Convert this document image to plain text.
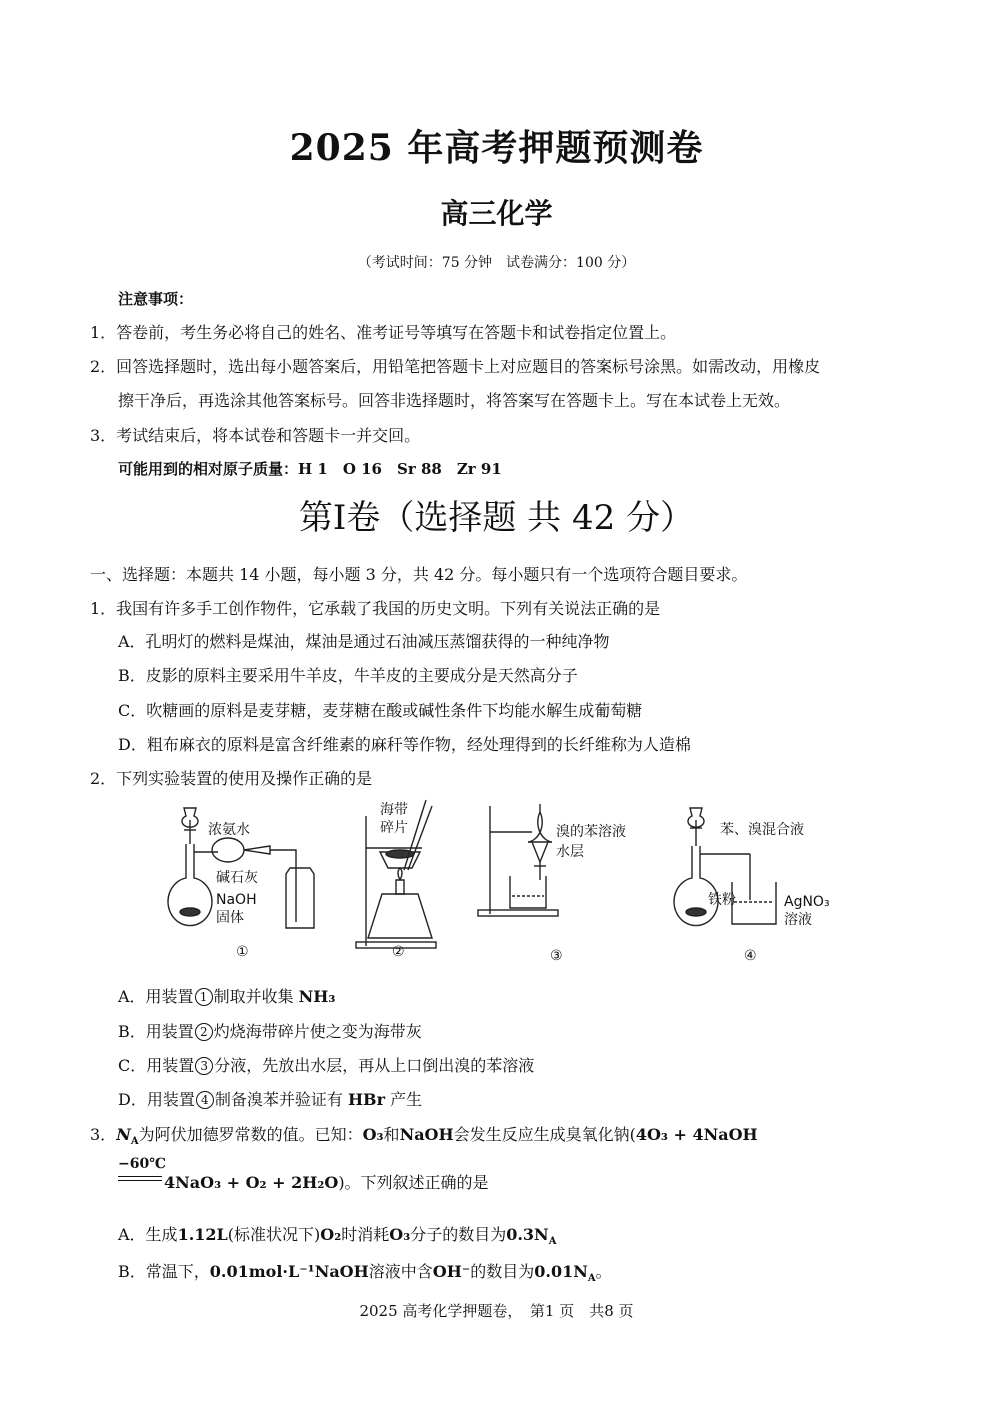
2025 年高考押题预测卷
高三化学
（考试时间：75 分钟　试卷满分：100 分）
注意事项：
1．答卷前，考生务必将自己的姓名、准考证号等填写在答题卡和试卷指定位置上。
2．回答选择题时，选出每小题答案后，用铅笔把答题卡上对应题目的答案标号涂黑。如需改动，用橡皮
擦干净后，再选涂其他答案标号。回答非选择题时，将答案写在答题卡上。写在本试卷上无效。
3．考试结束后，将本试卷和答题卡一并交回。
可能用到的相对原子质量：H 1　O 16　Sr 88　Zr 91
第I卷（选择题 共 42 分）
一、选择题：本题共 14 小题，每小题 3 分，共 42 分。每小题只有一个选项符合题目要求。
1．我国有许多手工创作物件，它承载了我国的历史文明。下列有关说法正确的是
A．孔明灯的燃料是煤油，煤油是通过石油减压蒸馏获得的一种纯净物
B．皮影的原料主要采用牛羊皮，牛羊皮的主要成分是天然高分子
C．吹糖画的原料是麦芽糖，麦芽糖在酸或碱性条件下均能水解生成葡萄糖
D．粗布麻衣的原料是富含纤维素的麻秆等作物，经处理得到的长纤维称为人造棉
2．下列实验装置的使用及操作正确的是
浓氨水
碱石灰
NaOH
固体
①
海带
碎片
②
溴的苯溶液
水层
③
苯、溴混合液
铁粉	AgNO₃
溶液
④
A．用装置 1 制取并收集 NH₃
B．用装置 2 灼烧海带碎片使之变为海带灰
C．用装置 3 分液，先放出水层，再从上口倒出溴的苯溶液
D．用装置 4 制备溴苯并验证有 HBr 产生
3．$N_A$为阿伏加德罗常数的值。已知：O₃和NaOH会发生反应生成臭氧化钠(4O₃ + 4NaOH
−60℃
4NaO₃ + O₂ + 2H₂O)。下列叙述正确的是
A．生成1.12L(标准状况下)O₂时消耗O₃分子的数目为$0.3N_A$
B．常温下，0.01mol·L⁻¹NaOH溶液中含OH⁻的数目为$0.01N_A$。
2025 高考化学押题卷，　第1 页　共8 页
